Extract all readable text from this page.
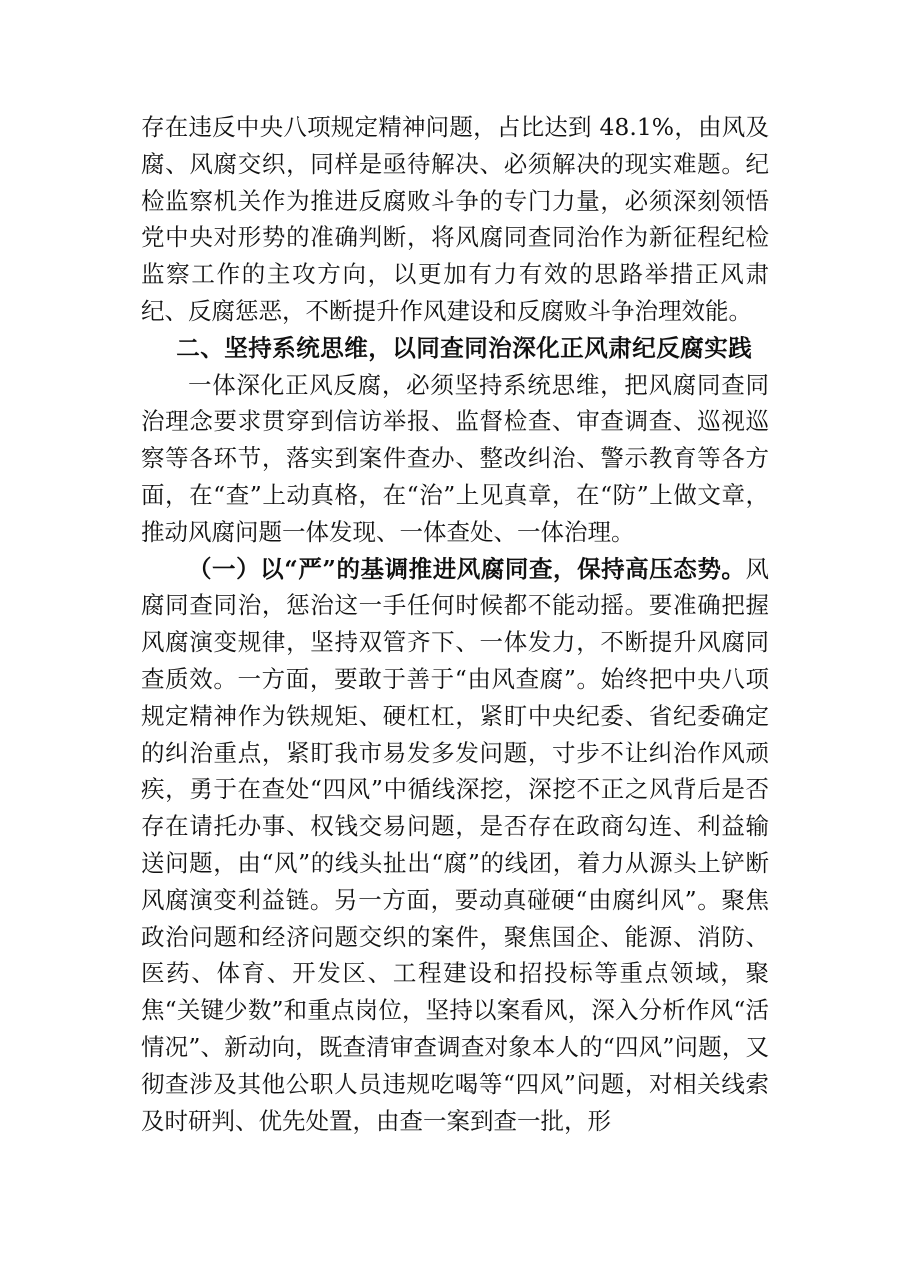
存在违反中央八项规定精神问题，占比达到 48.1%，由风及腐、风腐交织，同样是亟待解决、必须解决的现实难题。纪检监察机关作为推进反腐败斗争的专门力量，必须深刻领悟党中央对形势的准确判断，将风腐同查同治作为新征程纪检监察工作的主攻方向，以更加有力有效的思路举措正风肃纪、反腐惩恶，不断提升作风建设和反腐败斗争治理效能。

二、坚持系统思维，以同查同治深化正风肃纪反腐实践

一体深化正风反腐，必须坚持系统思维，把风腐同查同治理念要求贯穿到信访举报、监督检查、审查调查、巡视巡察等各环节，落实到案件查办、整改纠治、警示教育等各方面，在“查”上动真格，在“治”上见真章，在“防”上做文章，推动风腐问题一体发现、一体查处、一体治理。

（一）以“严”的基调推进风腐同查，保持高压态势。风腐同查同治，惩治这一手任何时候都不能动摇。要准确把握风腐演变规律，坚持双管齐下、一体发力，不断提升风腐同查质效。一方面，要敢于善于“由风查腐”。始终把中央八项规定精神作为铁规矩、硬杠杠，紧盯中央纪委、省纪委确定的纠治重点，紧盯我市易发多发问题，寸步不让纠治作风顽疾，勇于在查处“四风”中循线深挖，深挖不正之风背后是否存在请托办事、权钱交易问题，是否存在政商勾连、利益输送问题，由“风”的线头扯出“腐”的线团，着力从源头上铲断风腐演变利益链。另一方面，要动真碰硬“由腐纠风”。聚焦政治问题和经济问题交织的案件，聚焦国企、能源、消防、医药、体育、开发区、工程建设和招投标等重点领域，聚焦“关键少数”和重点岗位，坚持以案看风，深入分析作风“活情况”、新动向，既查清审查调查对象本人的“四风”问题，又彻查涉及其他公职人员违规吃喝等“四风”问题，对相关线索及时研判、优先处置，由查一案到查一批，形
